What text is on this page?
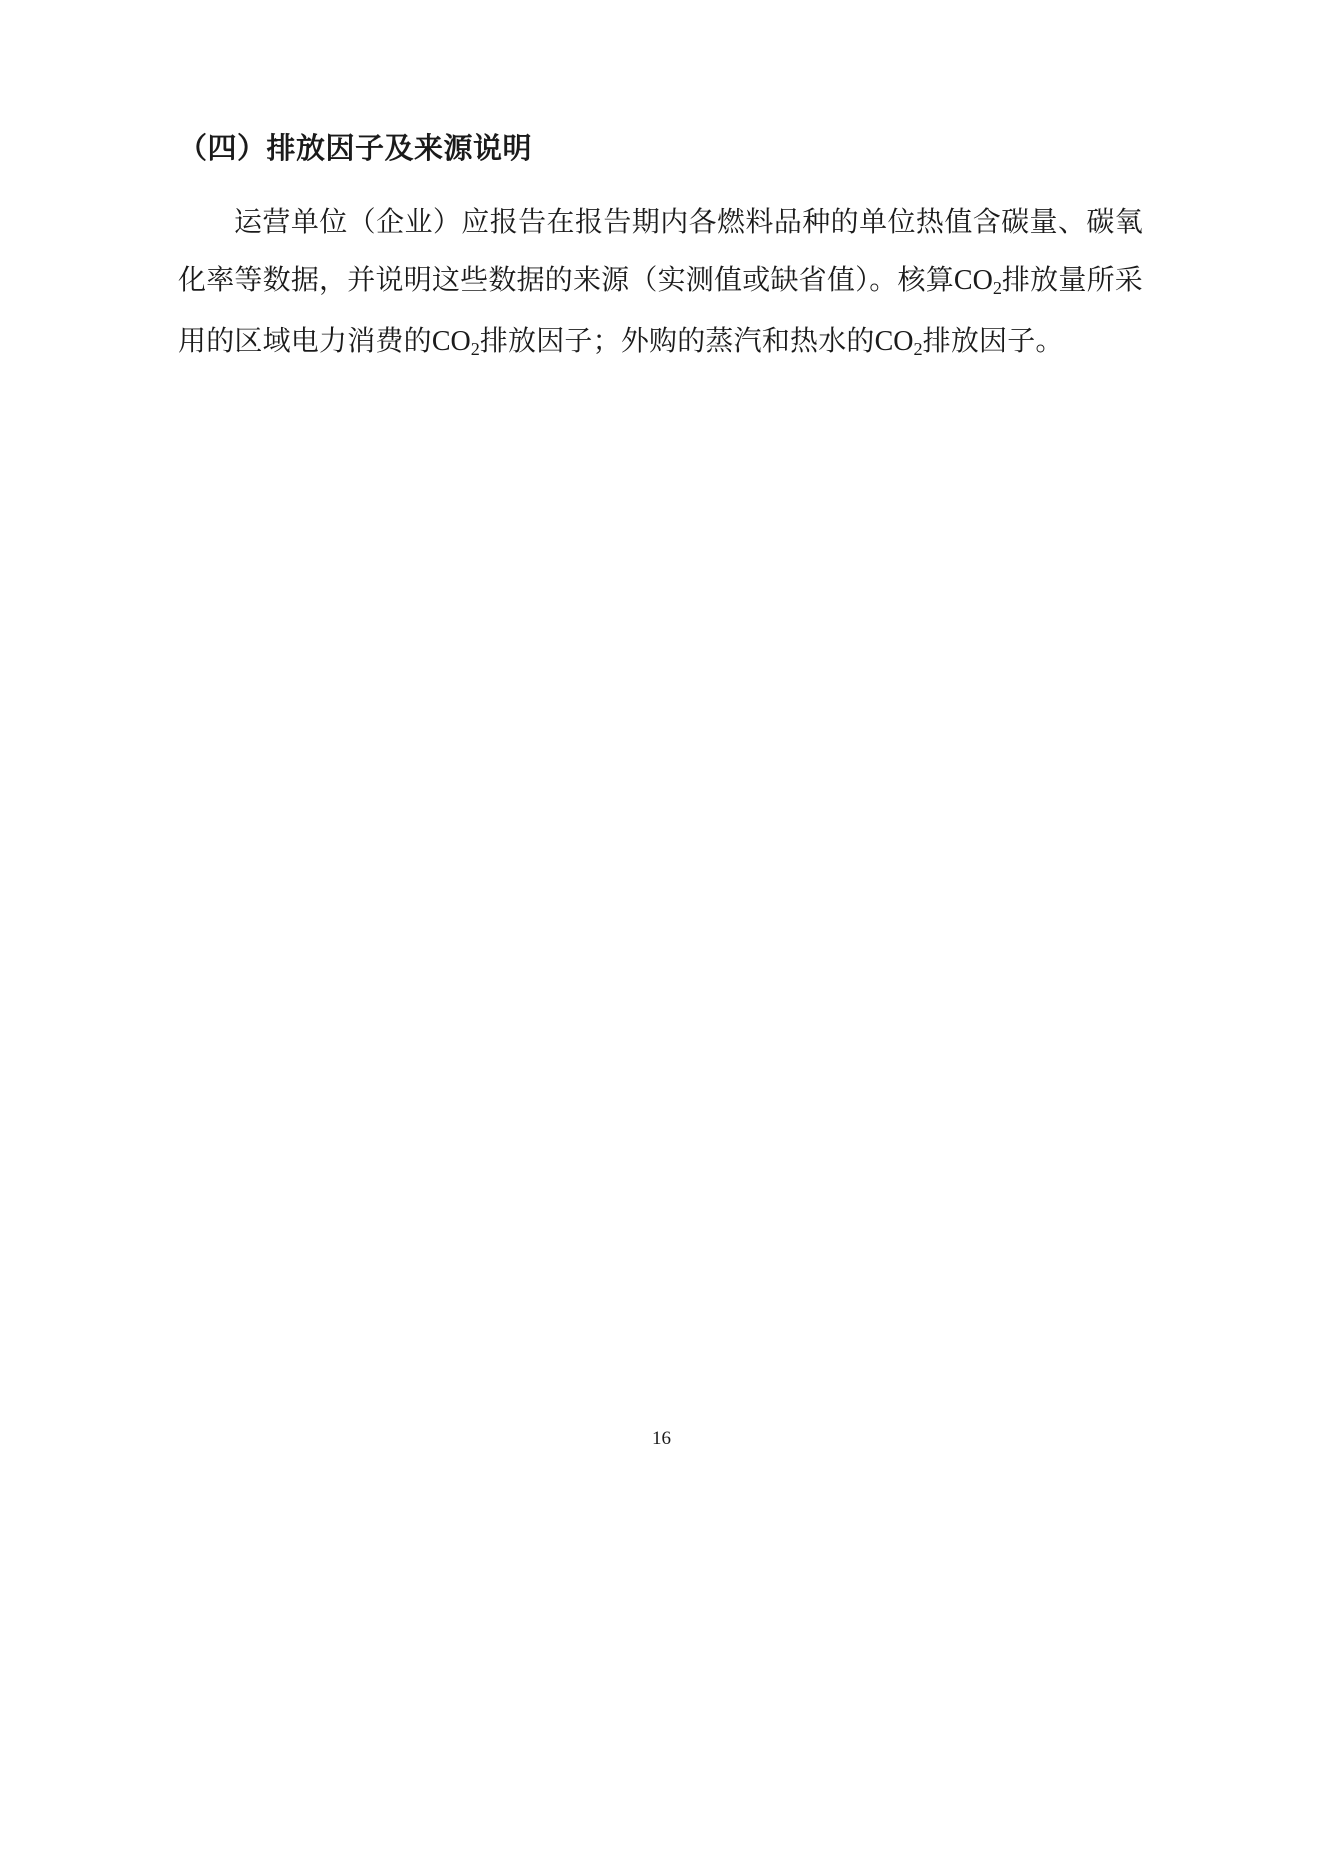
（四）排放因子及来源说明

运营单位（企业）应报告在报告期内各燃料品种的单位热值含碳量、碳氧化率等数据，并说明这些数据的来源（实测值或缺省值）。核算$CO_2$排放量所采用的区域电力消费的$CO_2$排放因子；外购的蒸汽和热水的$CO_2$排放因子。

16
